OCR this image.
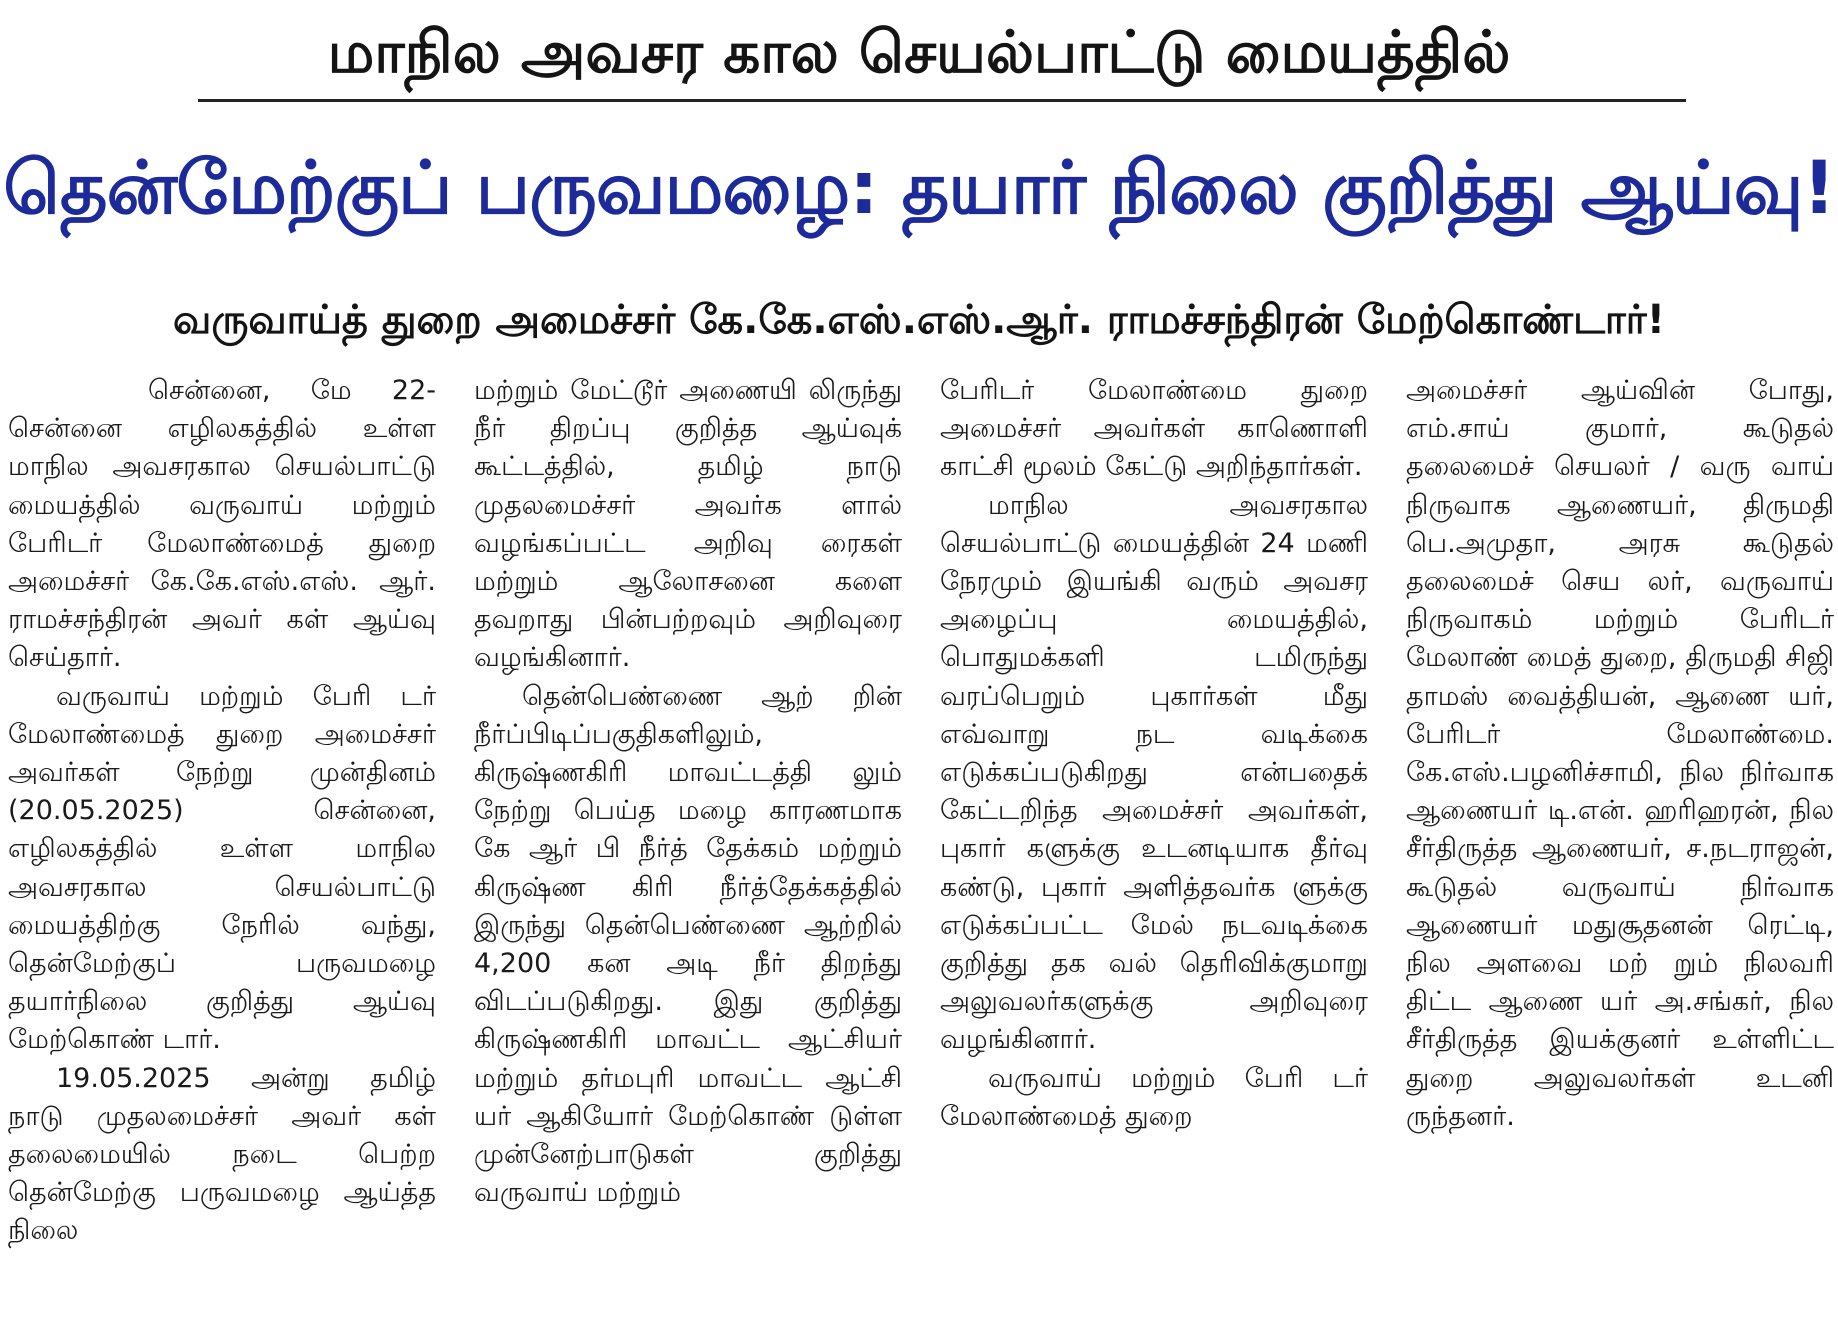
மாநில அவசர கால செயல்பாட்டு மையத்தில்
தென்மேற்குப் பருவமழை: தயார் நிலை குறித்து ஆய்வு!
வருவாய்த் துறை அமைச்சர் கே.கே.எஸ்.எஸ்.ஆர். ராமச்சந்திரன் மேற்கொண்டார்!

சென்னை, மே 22- சென்னை எழிலகத்தில் உள்ள மாநில அவசரகால செயல்பாட்டு மையத்தில் வருவாய் மற்றும் பேரிடர் மேலாண்மைத் துறை அமைச்சர் கே.கே.எஸ்.எஸ். ஆர். ராமச்சந்திரன் அவர் கள் ஆய்வு செய்தார்.

வருவாய் மற்றும் பேரி டர் மேலாண்மைத் துறை அமைச்சர் அவர்கள் நேற்று முன்தினம் (20.05.2025) சென்னை, எழிலகத்தில் உள்ள மாநில அவசரகால செயல்பாட்டு மையத்திற்கு நேரில் வந்து, தென்மேற்குப் பருவமழை தயார்நிலை குறித்து ஆய்வு மேற்கொண் டார்.

19.05.2025 அன்று தமிழ் நாடு முதலமைச்சர் அவர் கள் தலைமையில் நடை பெற்ற தென்மேற்கு பருவமழை ஆய்த்த நிலை

மற்றும் மேட்டூர் அணையி லிருந்து நீர் திறப்பு குறித்த ஆய்வுக் கூட்டத்தில், தமிழ் நாடு முதலமைச்சர் அவர்க ளால் வழங்கப்பட்ட அறிவு ரைகள் மற்றும் ஆலோசனை களை தவறாது பின்பற்றவும் அறிவுரை வழங்கினார்.

தென்பெண்ணை ஆற் றின் நீர்ப்பிடிப்பகுதிகளிலும், கிருஷ்ணகிரி மாவட்டத்தி லும் நேற்று பெய்த மழை காரணமாக கே ஆர் பி நீர்த் தேக்கம் மற்றும் கிருஷ்ண கிரி நீர்த்தேக்கத்தில் இருந்து தென்பெண்ணை ஆற்றில் 4,200 கன அடி நீர் திறந்து விடப்படுகிறது. இது குறித்து கிருஷ்ணகிரி மாவட்ட ஆட்சியர் மற்றும் தர்மபுரி மாவட்ட ஆட்சி யர் ஆகியோர் மேற்கொண் டுள்ள முன்னேற்பாடுகள் குறித்து வருவாய் மற்றும்

பேரிடர் மேலாண்மை துறை அமைச்சர் அவர்கள் காணொளி காட்சி மூலம் கேட்டு அறிந்தார்கள்.

மாநில அவசரகால செயல்பாட்டு மையத்தின் 24 மணி நேரமும் இயங்கி வரும் அவசர அழைப்பு மையத்தில், பொதுமக்களி டமிருந்து வரப்பெறும் புகார்கள் மீது எவ்வாறு நட வடிக்கை எடுக்கப்படுகிறது என்பதைக் கேட்டறிந்த அமைச்சர் அவர்கள், புகார் களுக்கு உடனடியாக தீர்வு கண்டு, புகார் அளித்தவர்க ளுக்கு எடுக்கப்பட்ட மேல் நடவடிக்கை குறித்து தக வல் தெரிவிக்குமாறு அலுவலர்களுக்கு அறிவுரை வழங்கினார்.

வருவாய் மற்றும் பேரி டர் மேலாண்மைத் துறை

அமைச்சர் ஆய்வின் போது, எம்.சாய் குமார், கூடுதல் தலைமைச் செயலர் / வரு வாய் நிருவாக ஆணையர், திருமதி பெ.அமுதா, அரசு கூடுதல் தலைமைச் செய லர், வருவாய் நிருவாகம் மற்றும் பேரிடர் மேலாண் மைத் துறை, திருமதி சிஜி தாமஸ் வைத்தியன், ஆணை யர், பேரிடர் மேலாண்மை. கே.எஸ்.பழனிச்சாமி, நில நிர்வாக ஆணையர் டி.என். ஹரிஹரன், நில சீர்திருத்த ஆணையர், ச.நடராஜன், கூடுதல் வருவாய் நிர்வாக ஆணையர் மதுசூதனன் ரெட்டி, நில அளவை மற் றும் நிலவரி திட்ட ஆணை யர் அ.சங்கர், நில சீர்திருத்த இயக்குனர் உள்ளிட்ட துறை அலுவலர்கள் உடனி ருந்தனர்.
